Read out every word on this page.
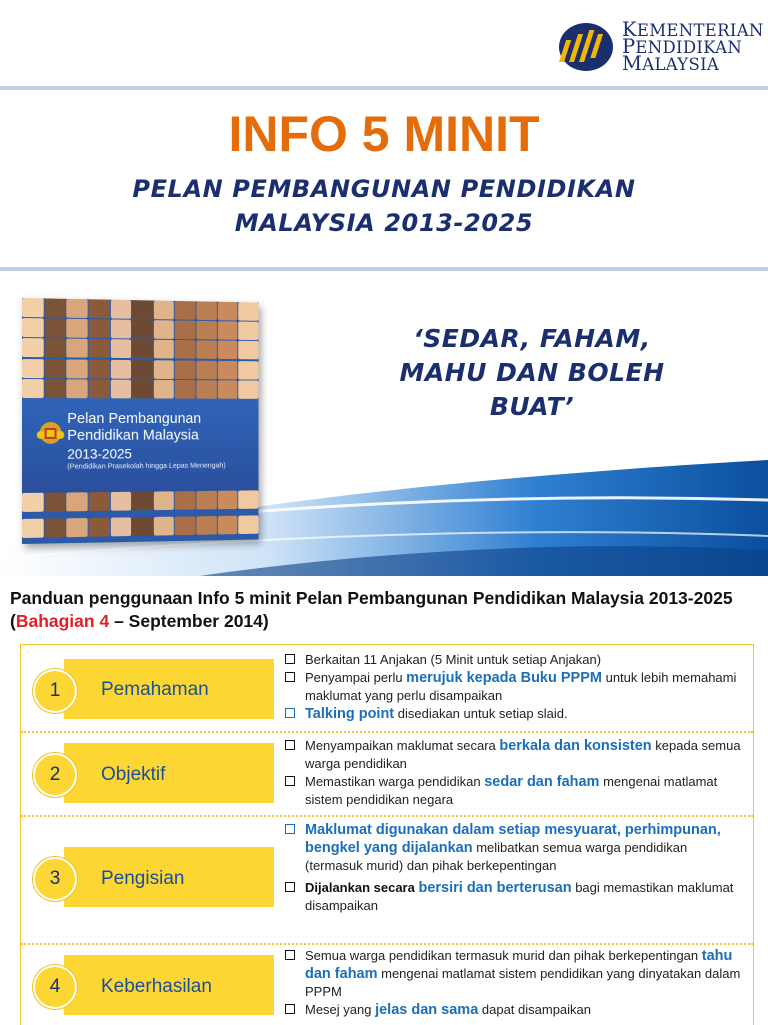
KEMENTERIAN
PENDIDIKAN
MALAYSIA
INFO 5 MINIT
PELAN PEMBANGUNAN PENDIDIKAN
MALAYSIA 2013-2025
Pelan Pembangunan
Pendidikan Malaysia
2013-2025
(Pendidikan Prasekolah hingga Lepas Menengah)
‘SEDAR, FAHAM,
MAHU DAN BOLEH
BUAT’
Panduan penggunaan Info 5 minit Pelan Pembangunan Pendidikan Malaysia 2013-2025 (Bahagian 4 – September 2014)
1	Pemahaman
Berkaitan 11 Anjakan (5 Minit untuk setiap Anjakan)
Penyampai perlu merujuk kepada Buku PPPM untuk lebih memahami maklumat yang perlu disampaikan
Talking point disediakan untuk setiap slaid.
2	Objektif
Menyampaikan maklumat secara berkala dan konsisten kepada semua warga pendidikan
Memastikan warga pendidikan sedar dan faham mengenai matlamat sistem pendidikan negara
3	Pengisian
Maklumat digunakan dalam setiap mesyuarat, perhimpunan, bengkel yang dijalankan melibatkan semua warga pendidikan (termasuk murid) dan pihak berkepentingan
Dijalankan secara bersiri dan berterusan bagi memastikan maklumat disampaikan
4	Keberhasilan
Semua warga pendidikan termasuk murid dan pihak berkepentingan tahu dan faham mengenai matlamat sistem pendidikan yang dinyatakan dalam PPPM
Mesej yang jelas dan sama dapat disampaikan
